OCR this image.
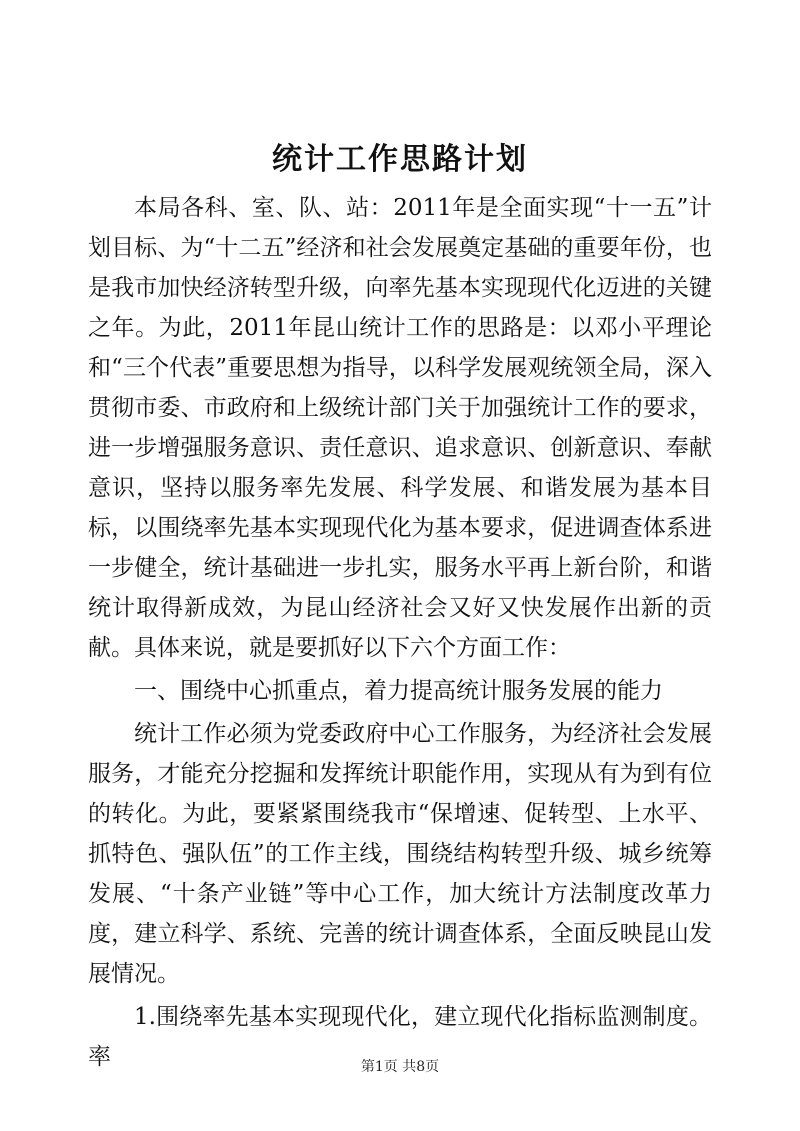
统计工作思路计划

本局各科、室、队、站：2011年是全面实现“十一五”计划目标、为“十二五”经济和社会发展奠定基础的重要年份，也是我市加快经济转型升级，向率先基本实现现代化迈进的关键之年。为此，2011年昆山统计工作的思路是：以邓小平理论和“三个代表”重要思想为指导，以科学发展观统领全局，深入贯彻市委、市政府和上级统计部门关于加强统计工作的要求，进一步增强服务意识、责任意识、追求意识、创新意识、奉献意识，坚持以服务率先发展、科学发展、和谐发展为基本目标，以围绕率先基本实现现代化为基本要求，促进调查体系进一步健全，统计基础进一步扎实，服务水平再上新台阶，和谐统计取得新成效，为昆山经济社会又好又快发展作出新的贡献。具体来说，就是要抓好以下六个方面工作：

一、围绕中心抓重点，着力提高统计服务发展的能力

统计工作必须为党委政府中心工作服务，为经济社会发展服务，才能充分挖掘和发挥统计职能作用，实现从有为到有位的转化。为此，要紧紧围绕我市“保增速、促转型、上水平、抓特色、强队伍”的工作主线，围绕结构转型升级、城乡统筹发展、“十条产业链”等中心工作，加大统计方法制度改革力度，建立科学、系统、完善的统计调查体系，全面反映昆山发展情况。

1.围绕率先基本实现现代化，建立现代化指标监测制度。率	第1页 共8页
